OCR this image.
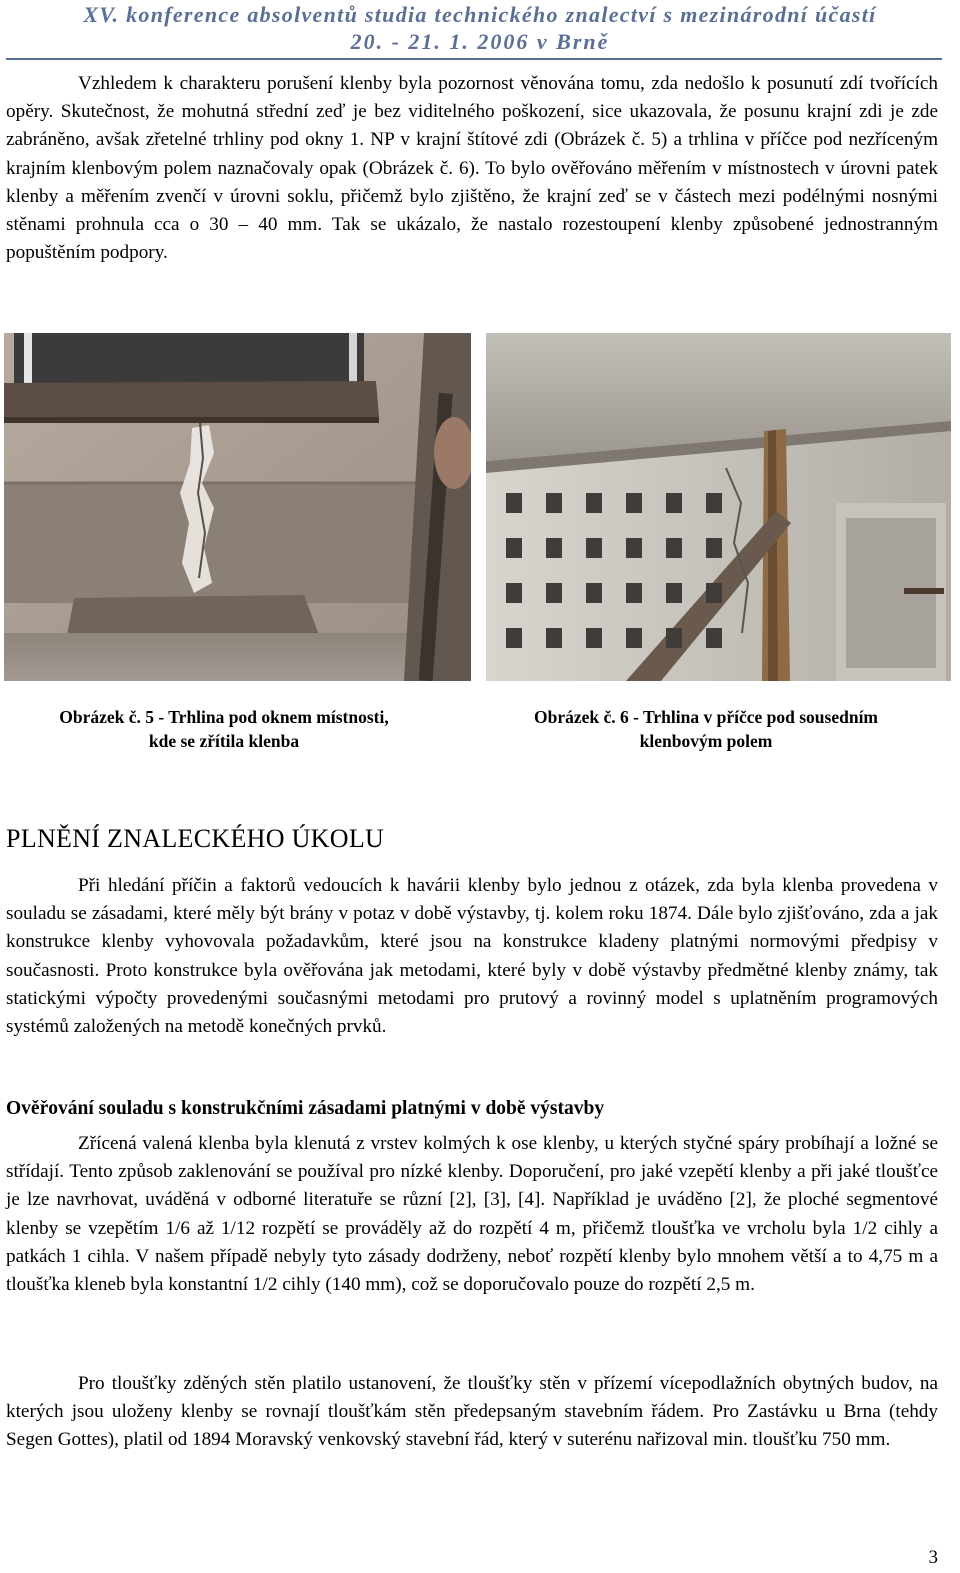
XV. konference absolventů studia technického znalectví s mezinárodní účastí
20. - 21. 1. 2006 v Brně
Vzhledem k charakteru porušení klenby byla pozornost věnována tomu, zda nedošlo k posunutí zdí tvořících opěry. Skutečnost, že mohutná střední zeď je bez viditelného poškození, sice ukazovala, že posunu krajní zdi je zde zabráněno, avšak zřetelné trhliny pod okny 1. NP v krajní štítové zdi (Obrázek č. 5) a trhlina v příčce pod nezříceným krajním klenbovým polem naznačovaly opak (Obrázek č. 6). To bylo ověřováno měřením v místnostech v úrovni patek klenby a měřením zvenčí v úrovni soklu, přičemž bylo zjištěno, že krajní zeď se v částech mezi podélnými nosnými stěnami prohnula cca o 30 – 40 mm. Tak se ukázalo, že nastalo rozestoupení klenby způsobené jednostranným popuštěním podpory.
Obrázek č. 5 - Trhlina pod oknem místnosti,
kde se zřítila klenba
Obrázek č. 6 - Trhlina v příčce pod sousedním
klenbovým polem
PLNĚNÍ ZNALECKÉHO ÚKOLU
Při hledání příčin a faktorů vedoucích k havárii klenby bylo jednou z otázek, zda byla klenba provedena v souladu se zásadami, které měly být brány v potaz v době výstavby, tj. kolem roku 1874. Dále bylo zjišťováno, zda a jak konstrukce klenby vyhovovala požadavkům, které jsou na konstrukce kladeny platnými normovými předpisy v současnosti. Proto konstrukce byla ověřována jak metodami, které byly v době výstavby předmětné klenby známy, tak statickými výpočty provedenými současnými metodami pro prutový a rovinný model s uplatněním programových systémů založených na metodě konečných prvků.
Ověřování souladu s konstrukčními zásadami platnými v době výstavby
Zřícená valená klenba byla klenutá z vrstev kolmých k ose klenby, u kterých styčné spáry probíhají a ložné se střídají. Tento způsob zaklenování se používal pro nízké klenby. Doporučení, pro jaké vzepětí klenby a při jaké tloušťce je lze navrhovat, uváděná v odborné literatuře se různí [2], [3], [4]. Například je uváděno [2], že ploché segmentové klenby se vzepětím 1/6 až 1/12 rozpětí se prováděly až do rozpětí 4 m, přičemž tloušťka ve vrcholu byla 1/2 cihly a patkách 1 cihla. V našem případě nebyly tyto zásady dodrženy, neboť rozpětí klenby bylo mnohem větší a to 4,75 m a tloušťka kleneb byla konstantní 1/2 cihly (140 mm), což se doporučovalo pouze do rozpětí 2,5 m.
Pro tloušťky zděných stěn platilo ustanovení, že tloušťky stěn v přízemí vícepodlažních obytných budov, na kterých jsou uloženy klenby se rovnají tloušťkám stěn předepsaným stavebním řádem. Pro Zastávku u Brna (tehdy Segen Gottes), platil od 1894 Moravský venkovský stavební řád, který v suterénu nařizoval min. tloušťku 750 mm.
3
